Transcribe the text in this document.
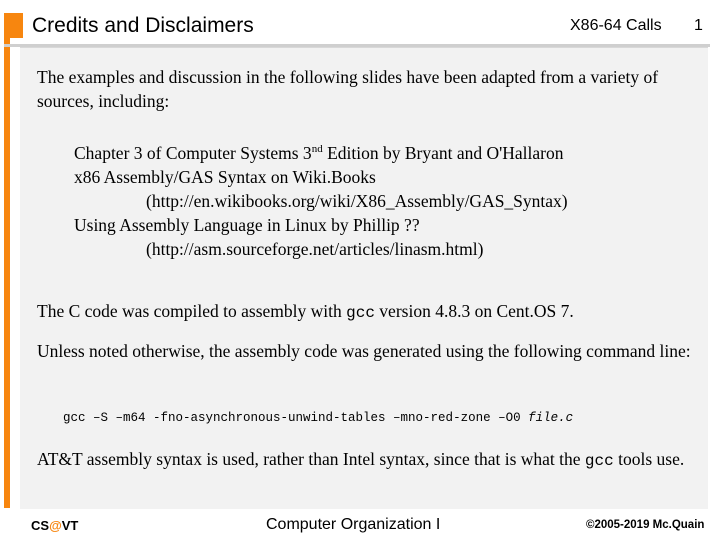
Credits and Disclaimers	X86-64 Calls 1
The examples and discussion in the following slides have been adapted from a variety of sources, including:
Chapter 3 of Computer Systems 3nd Edition by Bryant and O'Hallaron
x86 Assembly/GAS Syntax on Wiki.Books
(http://en.wikibooks.org/wiki/X86_Assembly/GAS_Syntax)
Using Assembly Language in Linux by Phillip ??
(http://asm.sourceforge.net/articles/linasm.html)
The C code was compiled to assembly with gcc version 4.8.3 on Cent.OS 7.
Unless noted otherwise, the assembly code was generated using the following command line:
gcc –S –m64 -fno-asynchronous-unwind-tables –mno-red-zone –O0 file.c
AT&T assembly syntax is used, rather than Intel syntax, since that is what the gcc tools use.
CS@VT	Computer Organization I	©2005-2019 Mc.Quain
